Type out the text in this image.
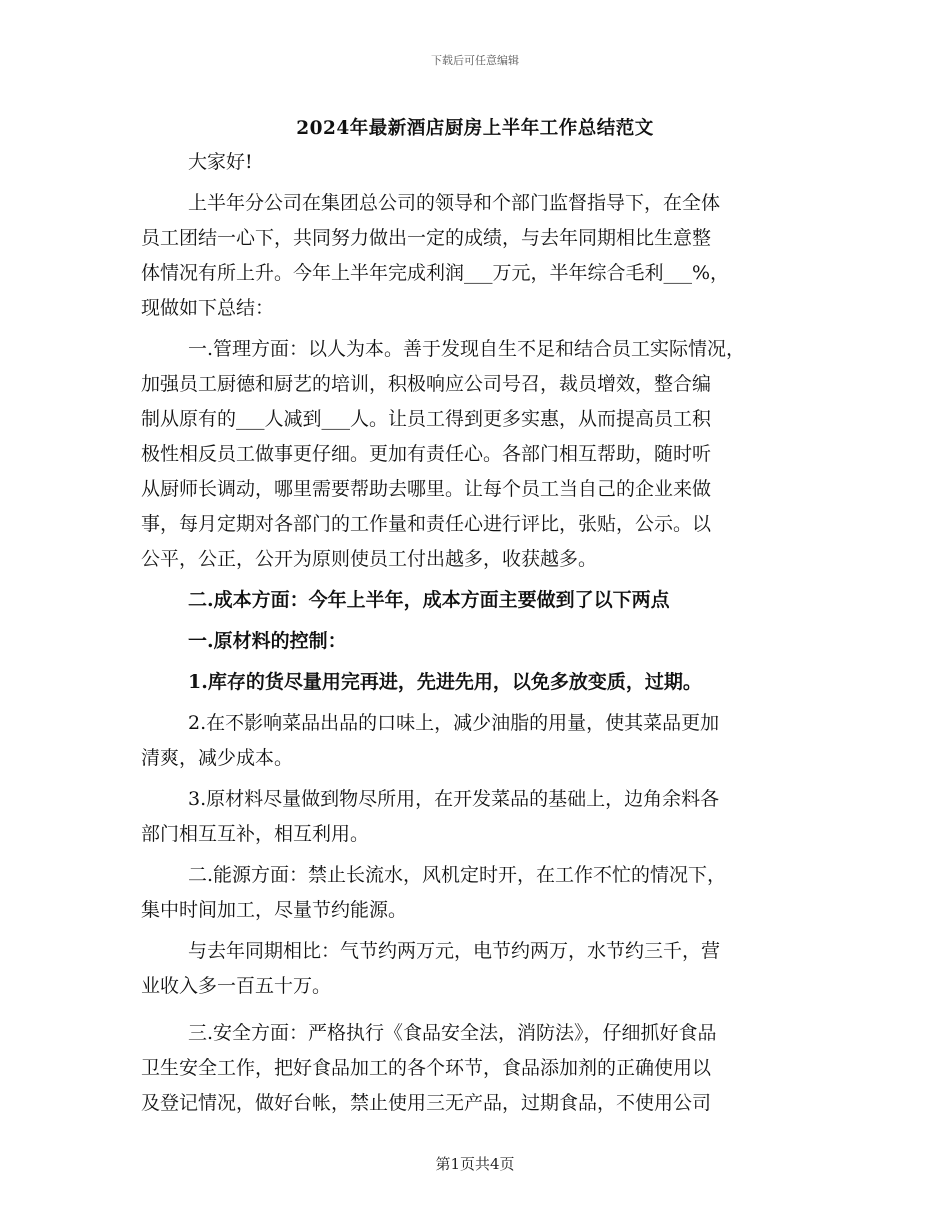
下载后可任意编辑
2024年最新酒店厨房上半年工作总结范文
大家好!
上半年分公司在集团总公司的领导和个部门监督指导下，在全体
员工团结一心下，共同努力做出一定的成绩，与去年同期相比生意整
体情况有所上升。今年上半年完成利润___万元，半年综合毛利___%，
现做如下总结：
一.管理方面：以人为本。善于发现自生不足和结合员工实际情况，
加强员工厨德和厨艺的培训，积极响应公司号召，裁员增效，整合编
制从原有的___人减到___人。让员工得到更多实惠，从而提高员工积
极性相反员工做事更仔细。更加有责任心。各部门相互帮助，随时听
从厨师长调动，哪里需要帮助去哪里。让每个员工当自己的企业来做
事，每月定期对各部门的工作量和责任心进行评比，张贴，公示。以
公平，公正，公开为原则使员工付出越多，收获越多。
二.成本方面：今年上半年，成本方面主要做到了以下两点
一.原材料的控制：
1.库存的货尽量用完再进，先进先用，以免多放变质，过期。
2.在不影响菜品出品的口味上，减少油脂的用量，使其菜品更加
清爽，减少成本。
3.原材料尽量做到物尽所用，在开发菜品的基础上，边角余料各
部门相互互补，相互利用。
二.能源方面：禁止长流水，风机定时开，在工作不忙的情况下，
集中时间加工，尽量节约能源。
与去年同期相比：气节约两万元，电节约两万，水节约三千，营
业收入多一百五十万。
三.安全方面：严格执行《食品安全法，消防法》，仔细抓好食品
卫生安全工作，把好食品加工的各个环节，食品添加剂的正确使用以
及登记情况，做好台帐，禁止使用三无产品，过期食品，不使用公司
第1页共4页
